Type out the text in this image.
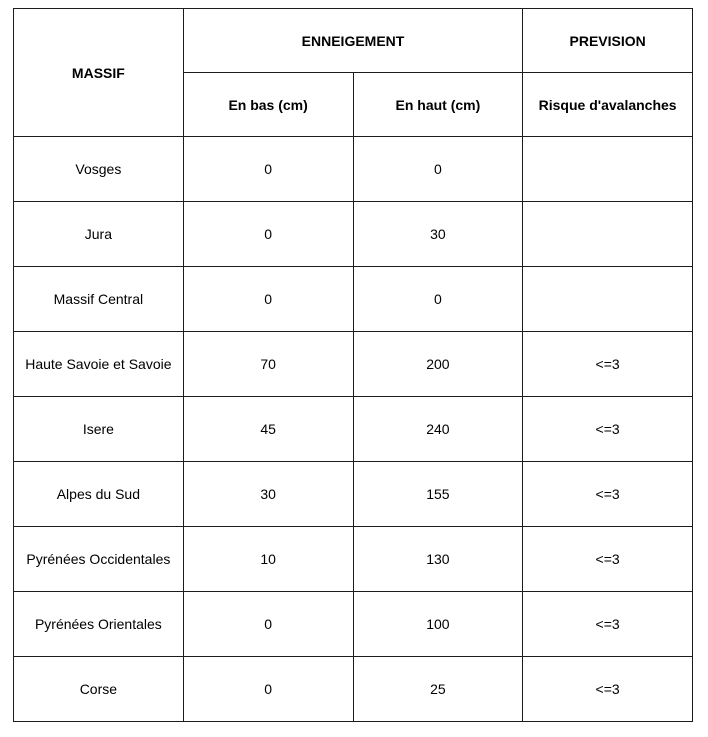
MASSIF	ENNEIGEMENT		PREVISION
	En bas (cm)	En haut (cm)	Risque d'avalanches
Vosges	0	0	
Jura	0	30	
Massif Central	0	0	
Haute Savoie et Savoie	70	200	<=3
Isere	45	240	<=3
Alpes du Sud	30	155	<=3
Pyrénées Occidentales	10	130	<=3
Pyrénées Orientales	0	100	<=3
Corse	0	25	<=3
